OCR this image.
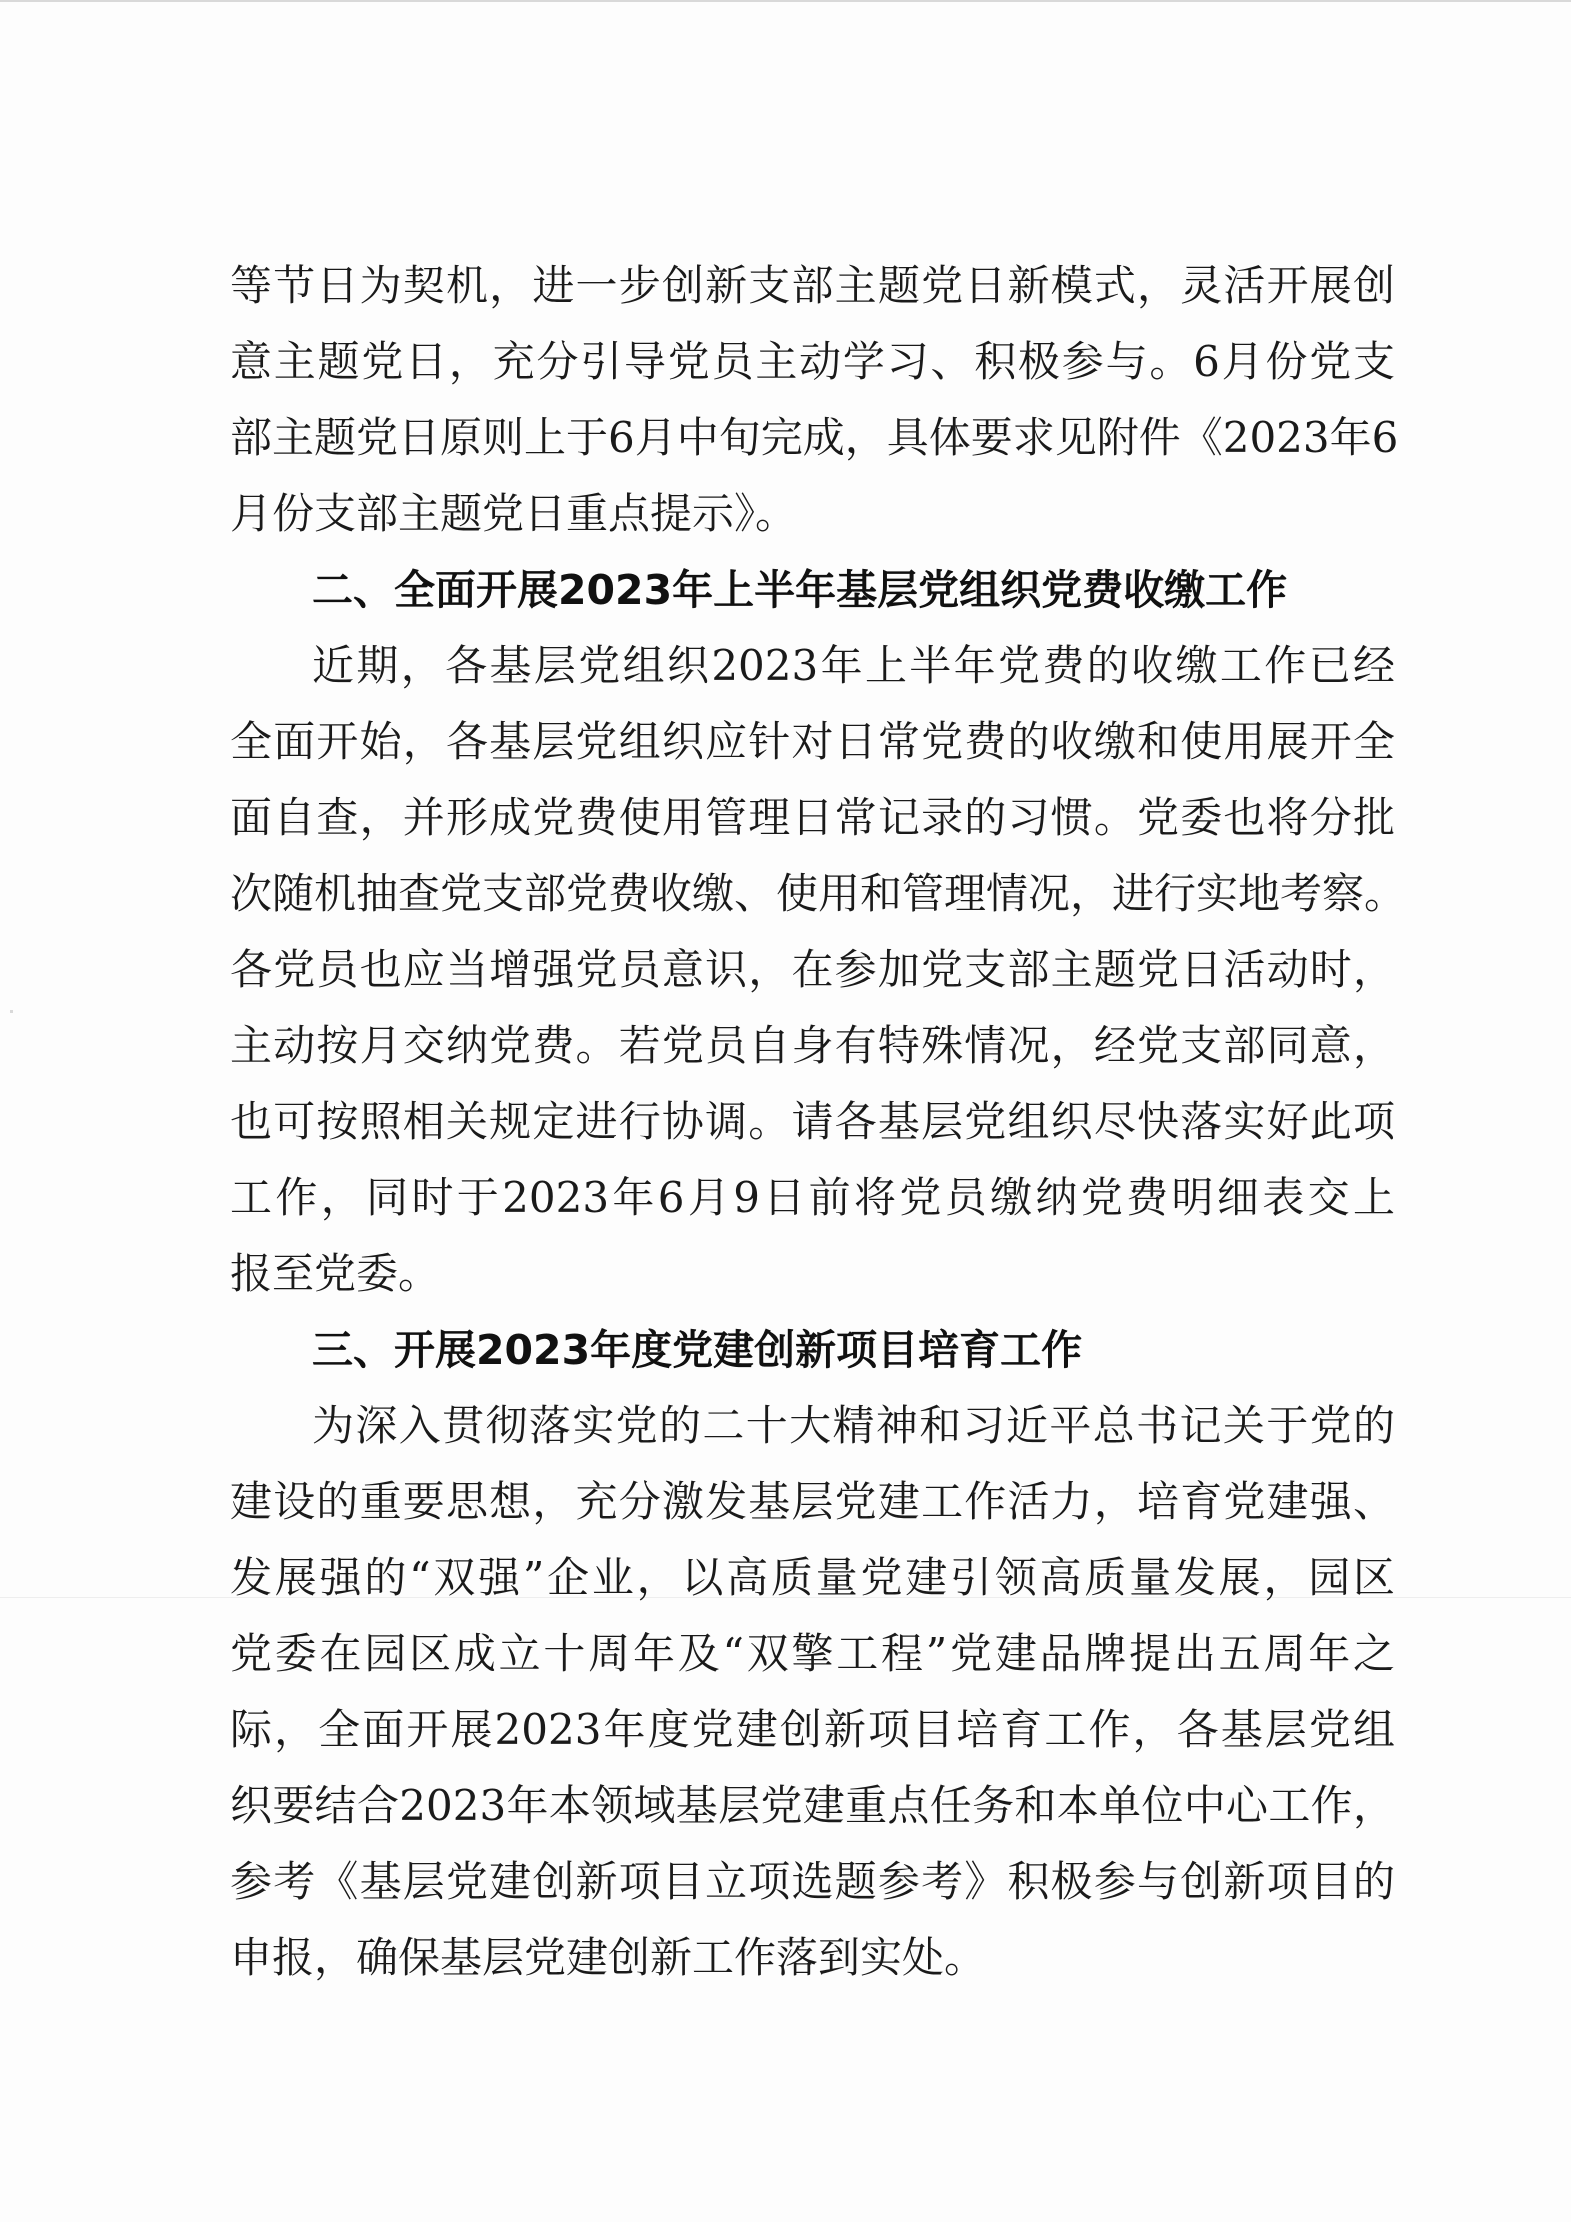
等节日为契机，进一步创新支部主题党日新模式，灵活开展创
意主题党日，充分引导党员主动学习、积极参与。6月份党支
部主题党日原则上于6月中旬完成，具体要求见附件《2023年6
月份支部主题党日重点提示》。
二、全面开展2023年上半年基层党组织党费收缴工作
近期，各基层党组织2023年上半年党费的收缴工作已经
全面开始，各基层党组织应针对日常党费的收缴和使用展开全
面自查，并形成党费使用管理日常记录的习惯。党委也将分批
次随机抽查党支部党费收缴、使用和管理情况，进行实地考察。
各党员也应当增强党员意识，在参加党支部主题党日活动时，
主动按月交纳党费。若党员自身有特殊情况，经党支部同意，
也可按照相关规定进行协调。请各基层党组织尽快落实好此项
工作，同时于2023年6月9日前将党员缴纳党费明细表交上
报至党委。
三、开展2023年度党建创新项目培育工作
为深入贯彻落实党的二十大精神和习近平总书记关于党的
建设的重要思想，充分激发基层党建工作活力，培育党建强、
发展强的“双强”企业，以高质量党建引领高质量发展，园区
党委在园区成立十周年及“双擎工程”党建品牌提出五周年之
际，全面开展2023年度党建创新项目培育工作，各基层党组
织要结合2023年本领域基层党建重点任务和本单位中心工作，
参考《基层党建创新项目立项选题参考》积极参与创新项目的
申报，确保基层党建创新工作落到实处。
